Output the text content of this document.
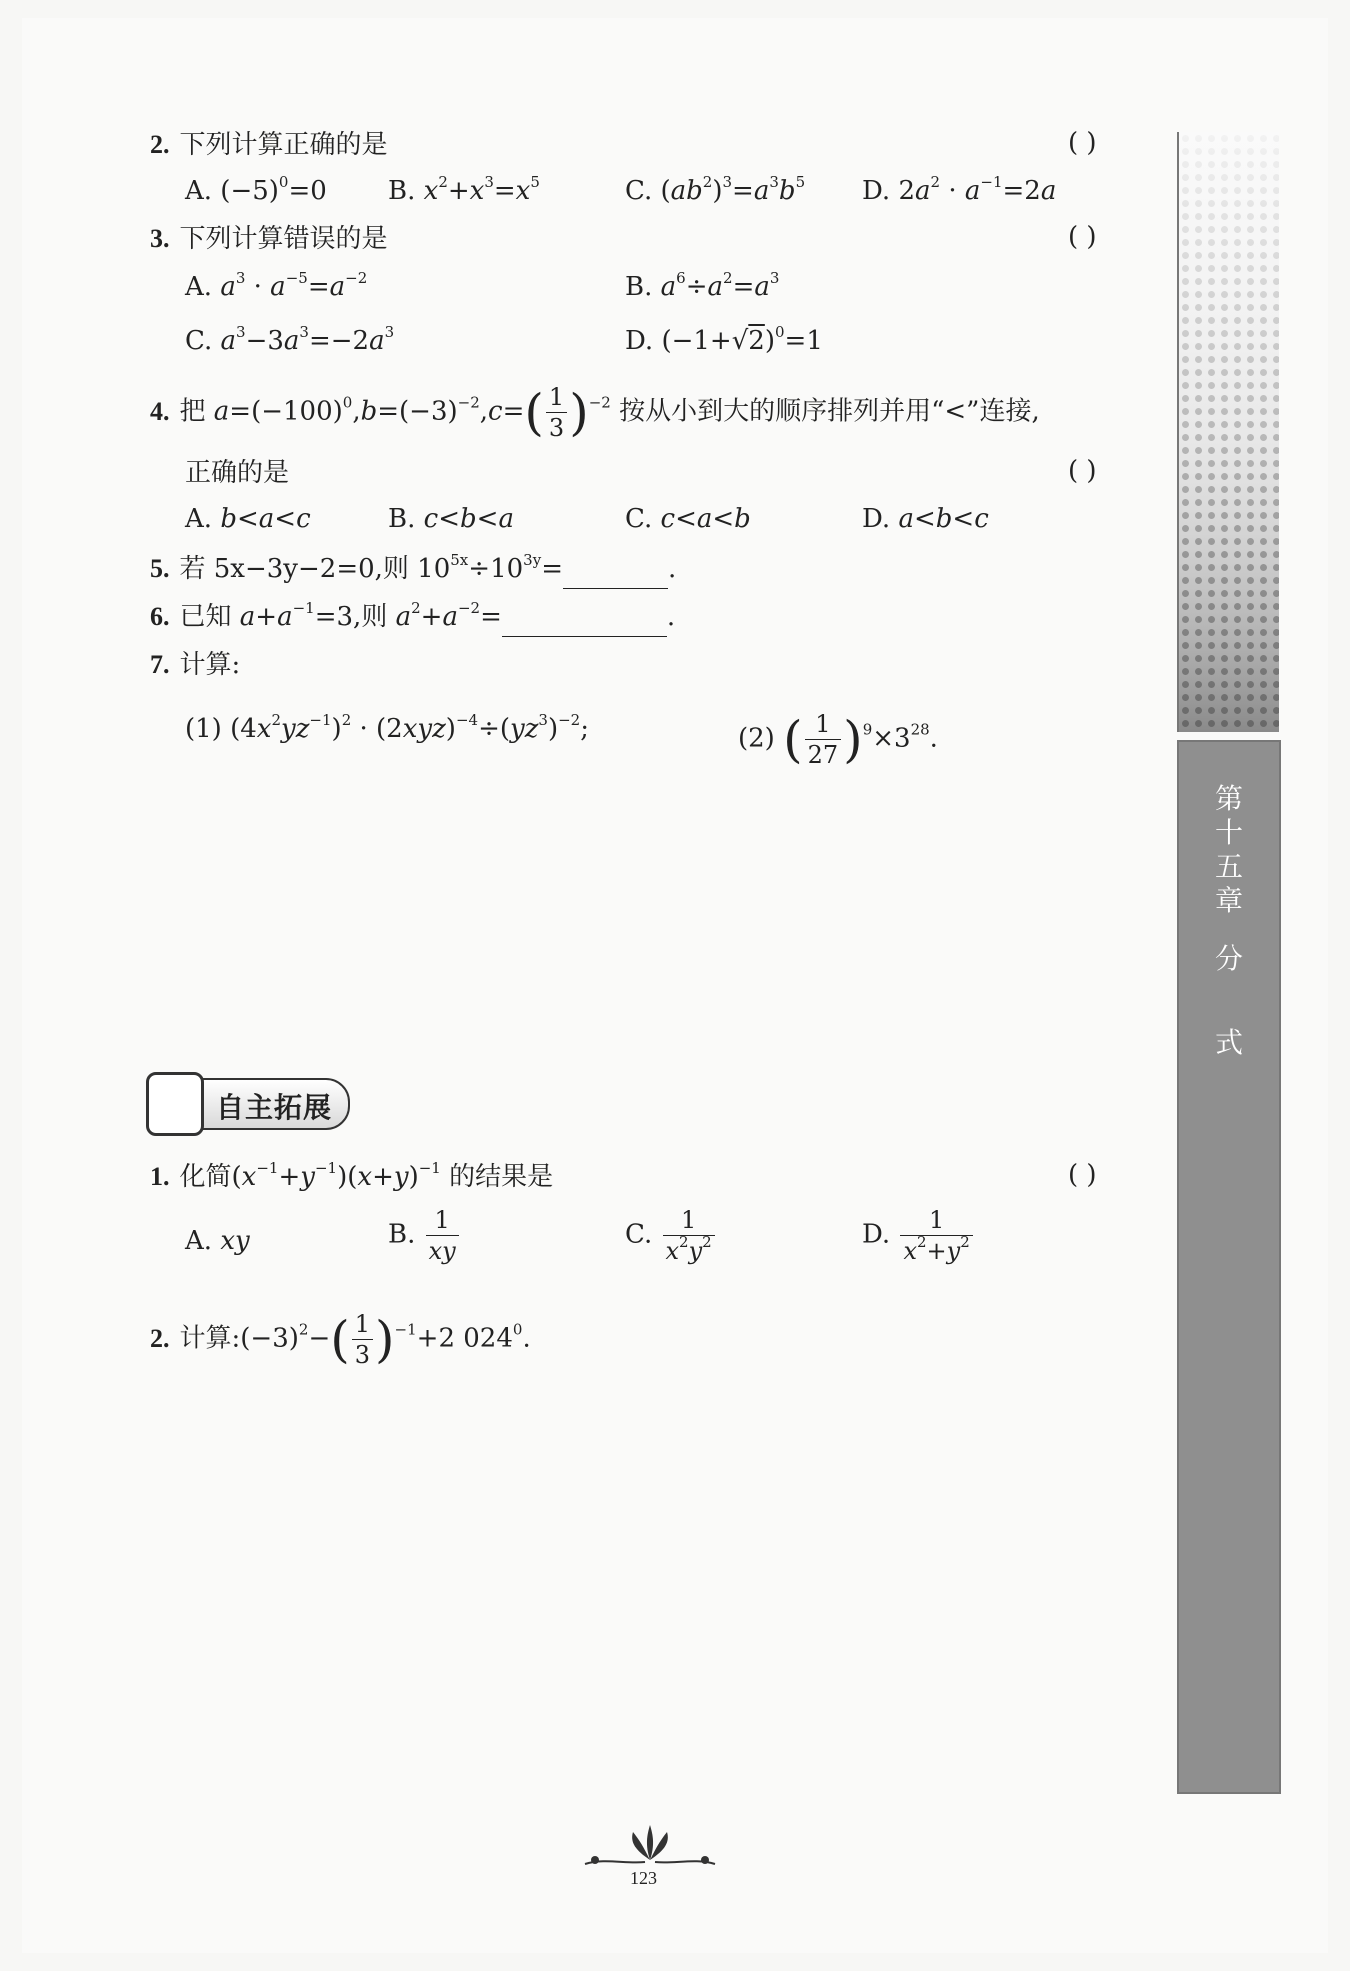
2. 下列计算正确的是	( )
A. $(-5)^0=0$ B. $x^2+x^3=x^5$	C. $(ab^2)^3=a^3b^5$ D. $2a^2 \cdot a^{-1}=2a$
3. 下列计算错误的是	( )
A. $a^3 \cdot a^{-5}=a^{-2}$	B. $a^6\div a^2=a^3$
C. $a^3-3a^3=-2a^3$	D. $(-1+√2)^0=1$
4. 把 $a=(-100)^0,b=(-3)^{-2},c=( \frac{1}{3} )^{-2}$ 按从小到大的顺序排列并用“<”连接,
正确的是	( )
A. b<a<c	B. c<b<a	C. c<a<b	D. a<b<c
5. 若 5x−3y−2=0,则 $10^{5x}\div 10^{3y}=$	.
6. 已知 $a+a^{-1}=3$,则 $a^2+a^{-2}=$	.
7. 计算:
(1) $(4x^2yz^{-1})^2 \cdot (2xyz)^{-4}\div(yz^3)^{-2}$;	(2) ( $\frac{1}{27} )^9\times 3^{28}$.
自主拓展
1. 化简$(x^{-1}+y^{-1})(x+y)^{-1}$ 的结果是	( )
A. xy	B. $\frac{1}{xy}$	C. $\frac{1}{x^2y^2}$	D. $\frac{1}{x^2+y^2}$
2. 计算$:(-3)^2-( \frac{1}{3} )^{-1}+2$ $024^0$.
第
十
五
章
分
式
123
